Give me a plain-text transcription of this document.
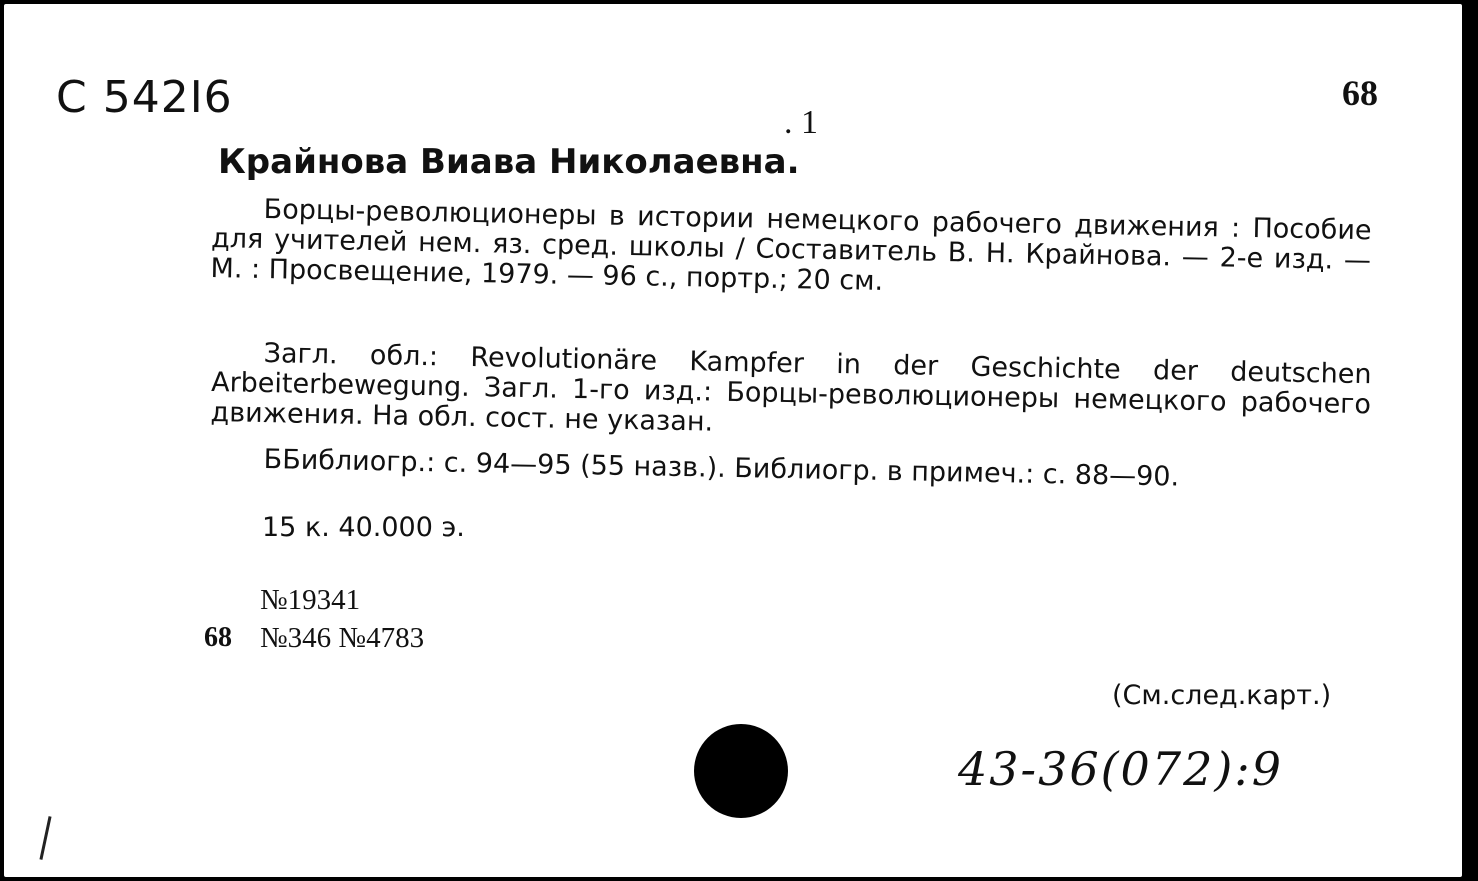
С 542I6	68
. 1
Крайнова Виава Николаевна.
Борцы-революционеры в истории немецкого рабочего движения : Пособие для учителей нем. яз. сред. школы / Составитель В. Н. Крайнова. — 2-е изд. — М. : Просвещение, 1979. — 96 с., портр.; 20 см.
Загл. обл.: Revolutionäre Kampfer in der Geschichte der deutschen Arbeiterbewegung. Загл. 1-го изд.: Борцы-революционеры немецкого рабочего движения. На обл. сост. не указан.
ББиблиогр.: с. 94—95 (55 назв.). Библиогр. в примеч.: с. 88—90.
15 к. 40.000 э.
№19341
68 №346 №4783
(См.след.карт.)
43-36(072):9
